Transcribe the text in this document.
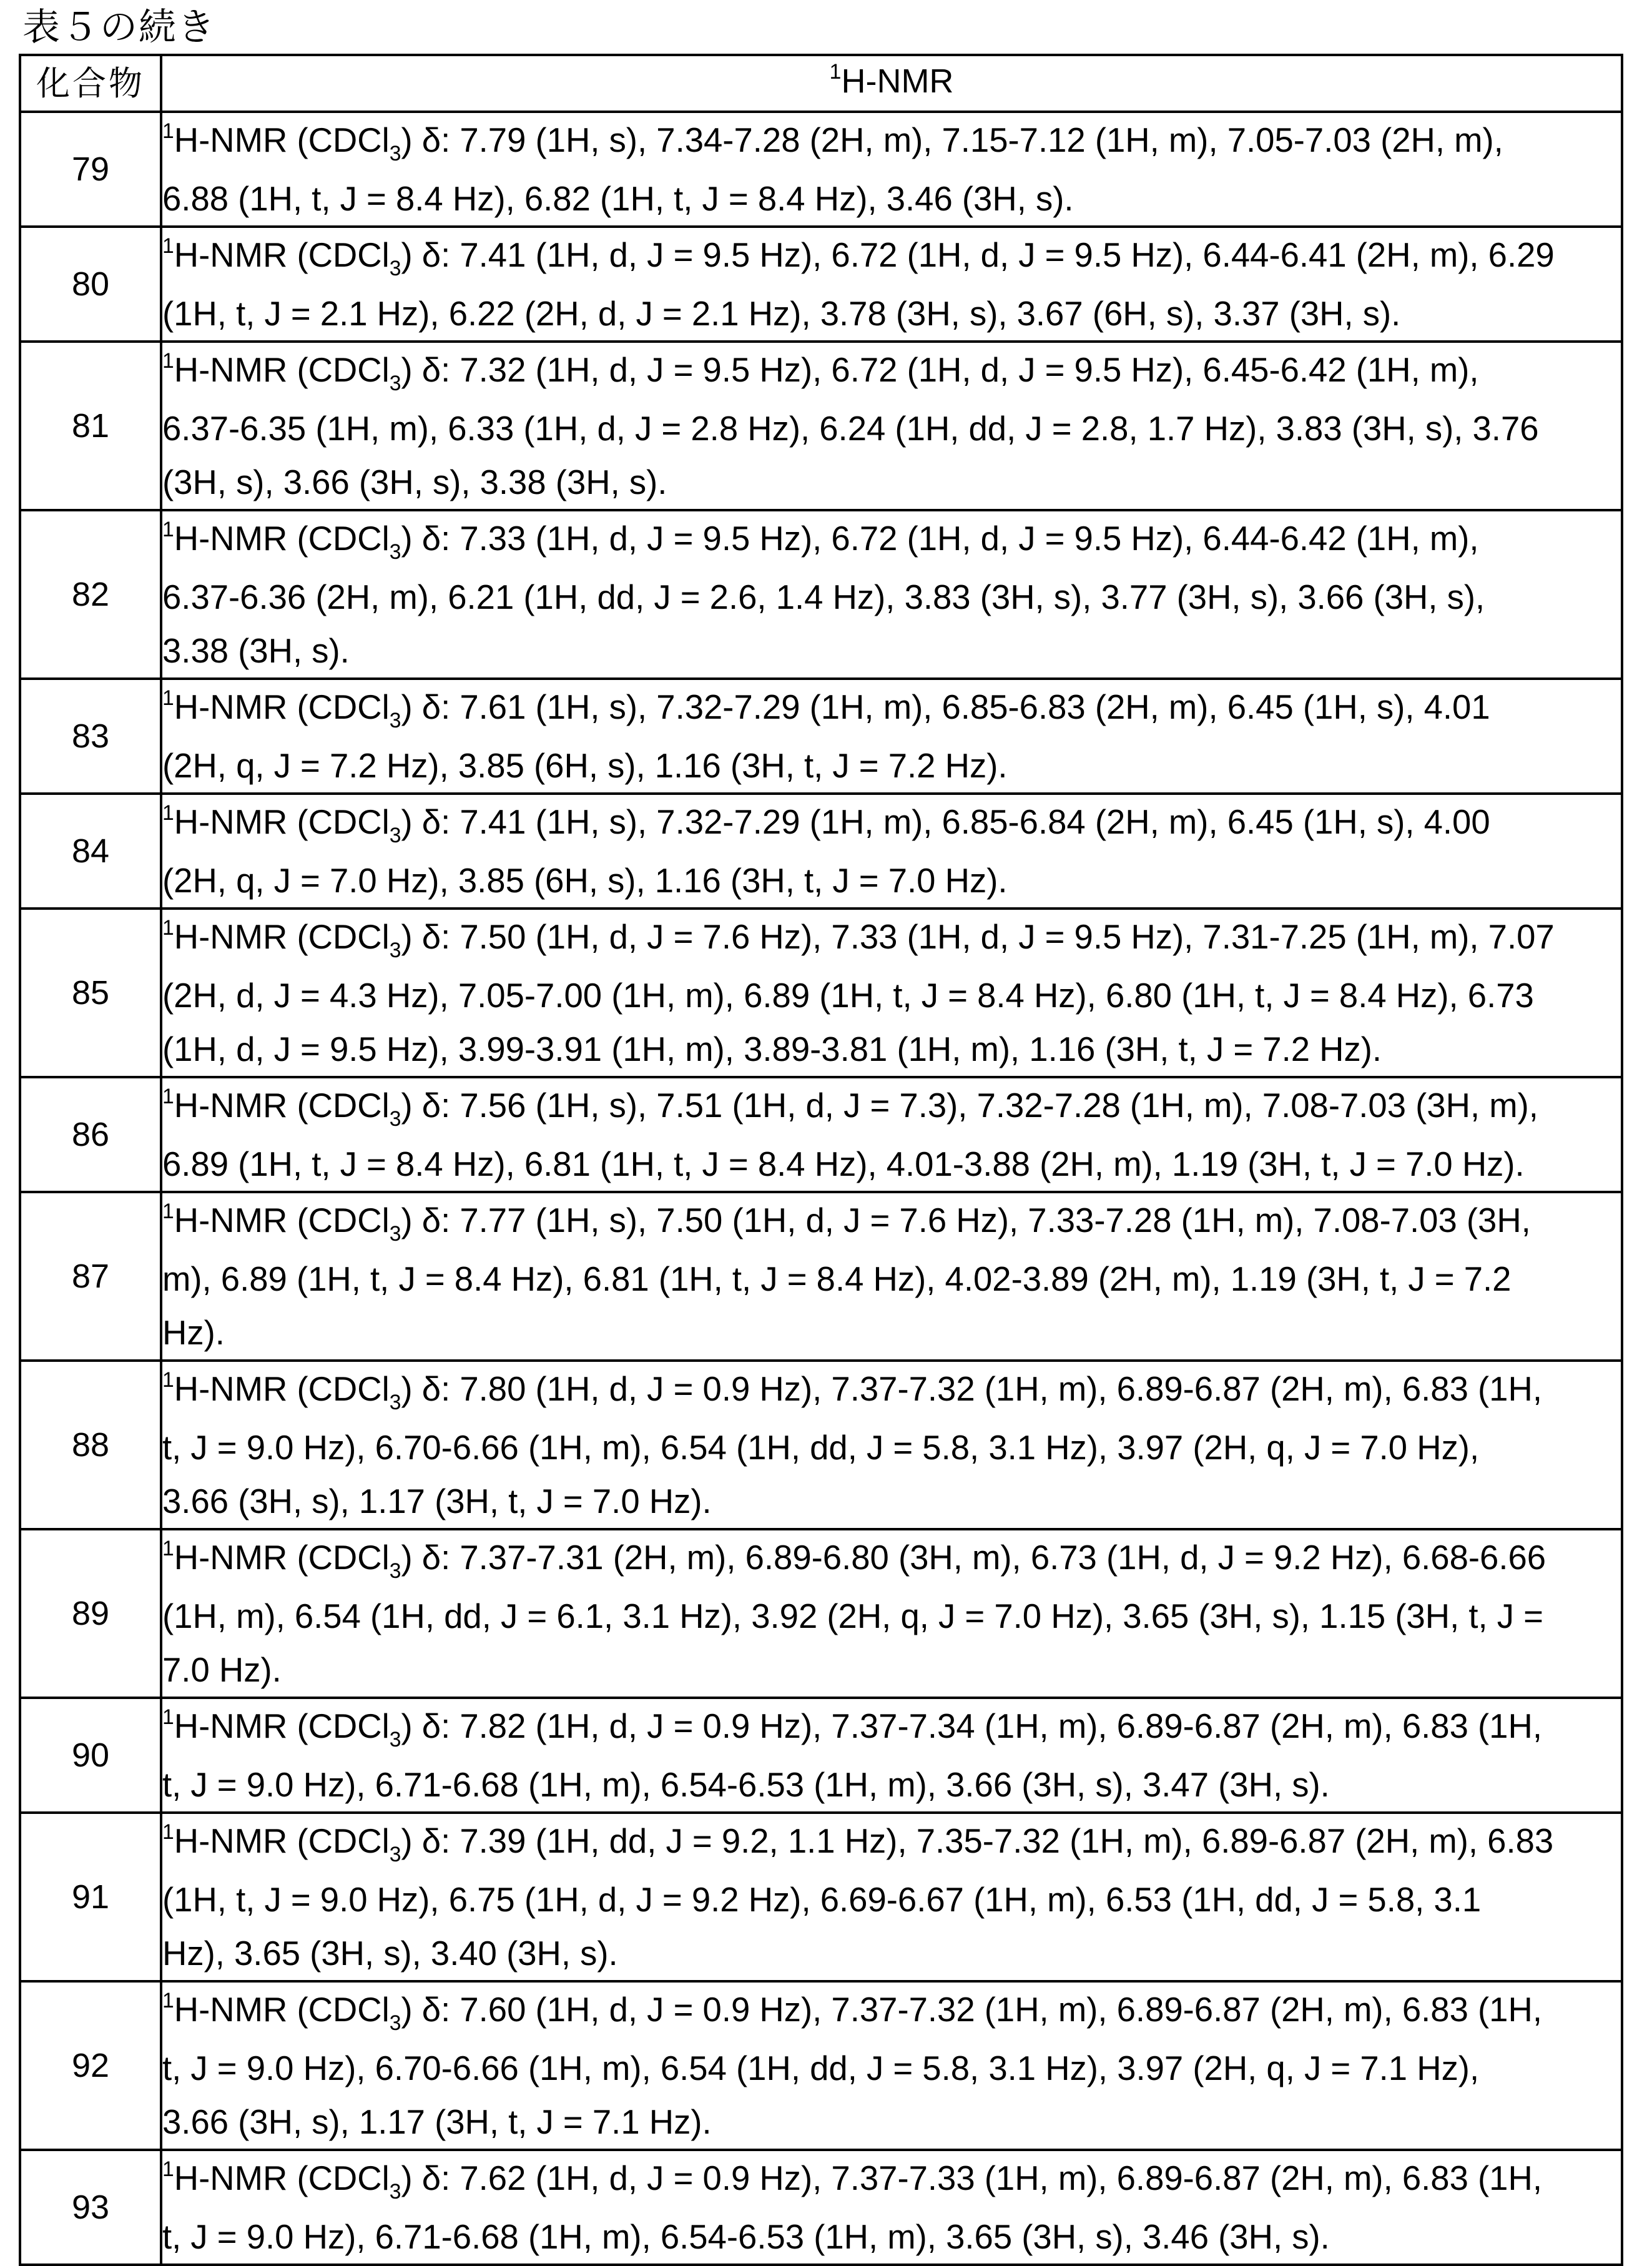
表５の続き
化合物	$^1$H-NMR
79	$^1$H-NMR (CDCl$_3$) δ: 7.79 (1H, s), 7.34-7.28 (2H, m), 7.15-7.12 (1H, m), 7.05-7.03 (2H, m),
6.88 (1H, t, J = 8.4 Hz), 6.82 (1H, t, J = 8.4 Hz), 3.46 (3H, s).

80	$^1$H-NMR (CDCl$_3$) δ: 7.41 (1H, d, J = 9.5 Hz), 6.72 (1H, d, J = 9.5 Hz), 6.44-6.41 (2H, m), 6.29
(1H, t, J = 2.1 Hz), 6.22 (2H, d, J = 2.1 Hz), 3.78 (3H, s), 3.67 (6H, s), 3.37 (3H, s).

81	$^1$H-NMR (CDCl$_3$) δ: 7.32 (1H, d, J = 9.5 Hz), 6.72 (1H, d, J = 9.5 Hz), 6.45-6.42 (1H, m),
6.37-6.35 (1H, m), 6.33 (1H, d, J = 2.8 Hz), 6.24 (1H, dd, J = 2.8, 1.7 Hz), 3.83 (3H, s), 3.76
(3H, s), 3.66 (3H, s), 3.38 (3H, s).

82	$^1$H-NMR (CDCl$_3$) δ: 7.33 (1H, d, J = 9.5 Hz), 6.72 (1H, d, J = 9.5 Hz), 6.44-6.42 (1H, m),
6.37-6.36 (2H, m), 6.21 (1H, dd, J = 2.6, 1.4 Hz), 3.83 (3H, s), 3.77 (3H, s), 3.66 (3H, s),
3.38 (3H, s).

83	$^1$H-NMR (CDCl$_3$) δ: 7.61 (1H, s), 7.32-7.29 (1H, m), 6.85-6.83 (2H, m), 6.45 (1H, s), 4.01
(2H, q, J = 7.2 Hz), 3.85 (6H, s), 1.16 (3H, t, J = 7.2 Hz).

84	$^1$H-NMR (CDCl$_3$) δ: 7.41 (1H, s), 7.32-7.29 (1H, m), 6.85-6.84 (2H, m), 6.45 (1H, s), 4.00
(2H, q, J = 7.0 Hz), 3.85 (6H, s), 1.16 (3H, t, J = 7.0 Hz).

85	$^1$H-NMR (CDCl$_3$) δ: 7.50 (1H, d, J = 7.6 Hz), 7.33 (1H, d, J = 9.5 Hz), 7.31-7.25 (1H, m), 7.07
(2H, d, J = 4.3 Hz), 7.05-7.00 (1H, m), 6.89 (1H, t, J = 8.4 Hz), 6.80 (1H, t, J = 8.4 Hz), 6.73
(1H, d, J = 9.5 Hz), 3.99-3.91 (1H, m), 3.89-3.81 (1H, m), 1.16 (3H, t, J = 7.2 Hz).

86	$^1$H-NMR (CDCl$_3$) δ: 7.56 (1H, s), 7.51 (1H, d, J = 7.3), 7.32-7.28 (1H, m), 7.08-7.03 (3H, m),
6.89 (1H, t, J = 8.4 Hz), 6.81 (1H, t, J = 8.4 Hz), 4.01-3.88 (2H, m), 1.19 (3H, t, J = 7.0 Hz).

87	$^1$H-NMR (CDCl$_3$) δ: 7.77 (1H, s), 7.50 (1H, d, J = 7.6 Hz), 7.33-7.28 (1H, m), 7.08-7.03 (3H,
m), 6.89 (1H, t, J = 8.4 Hz), 6.81 (1H, t, J = 8.4 Hz), 4.02-3.89 (2H, m), 1.19 (3H, t, J = 7.2
Hz).

88	$^1$H-NMR (CDCl$_3$) δ: 7.80 (1H, d, J = 0.9 Hz), 7.37-7.32 (1H, m), 6.89-6.87 (2H, m), 6.83 (1H,
t, J = 9.0 Hz), 6.70-6.66 (1H, m), 6.54 (1H, dd, J = 5.8, 3.1 Hz), 3.97 (2H, q, J = 7.0 Hz),
3.66 (3H, s), 1.17 (3H, t, J = 7.0 Hz).

89	$^1$H-NMR (CDCl$_3$) δ: 7.37-7.31 (2H, m), 6.89-6.80 (3H, m), 6.73 (1H, d, J = 9.2 Hz), 6.68-6.66
(1H, m), 6.54 (1H, dd, J = 6.1, 3.1 Hz), 3.92 (2H, q, J = 7.0 Hz), 3.65 (3H, s), 1.15 (3H, t, J =
7.0 Hz).

90	$^1$H-NMR (CDCl$_3$) δ: 7.82 (1H, d, J = 0.9 Hz), 7.37-7.34 (1H, m), 6.89-6.87 (2H, m), 6.83 (1H,
t, J = 9.0 Hz), 6.71-6.68 (1H, m), 6.54-6.53 (1H, m), 3.66 (3H, s), 3.47 (3H, s).

91	$^1$H-NMR (CDCl$_3$) δ: 7.39 (1H, dd, J = 9.2, 1.1 Hz), 7.35-7.32 (1H, m), 6.89-6.87 (2H, m), 6.83
(1H, t, J = 9.0 Hz), 6.75 (1H, d, J = 9.2 Hz), 6.69-6.67 (1H, m), 6.53 (1H, dd, J = 5.8, 3.1
Hz), 3.65 (3H, s), 3.40 (3H, s).

92	$^1$H-NMR (CDCl$_3$) δ: 7.60 (1H, d, J = 0.9 Hz), 7.37-7.32 (1H, m), 6.89-6.87 (2H, m), 6.83 (1H,
t, J = 9.0 Hz), 6.70-6.66 (1H, m), 6.54 (1H, dd, J = 5.8, 3.1 Hz), 3.97 (2H, q, J = 7.1 Hz),
3.66 (3H, s), 1.17 (3H, t, J = 7.1 Hz).

93	$^1$H-NMR (CDCl$_3$) δ: 7.62 (1H, d, J = 0.9 Hz), 7.37-7.33 (1H, m), 6.89-6.87 (2H, m), 6.83 (1H,
t, J = 9.0 Hz), 6.71-6.68 (1H, m), 6.54-6.53 (1H, m), 3.65 (3H, s), 3.46 (3H, s).
